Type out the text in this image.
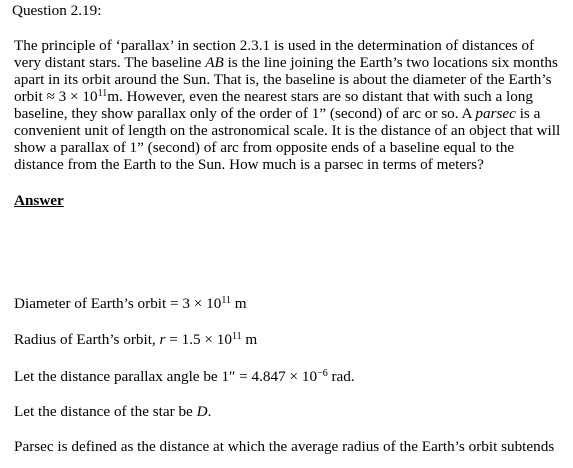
Question 2.19:
The principle of ‘parallax’ in section 2.3.1 is used in the determination of distances of
very distant stars. The baseline AB is the line joining the Earth’s two locations six months
apart in its orbit around the Sun. That is, the baseline is about the diameter of the Earth’s
orbit ≈ $3 \times 10^{11}m$. However, even the nearest stars are so distant that with such a long
baseline, they show parallax only of the order of 1” (second) of arc or so. A parsec is a
convenient unit of length on the astronomical scale. It is the distance of an object that will
show a parallax of 1” (second) of arc from opposite ends of a baseline equal to the
distance from the Earth to the Sun. How much is a parsec in terms of meters?
Answer
Diameter of Earth’s orbit = $3 \times 10^{11}$ m
Radius of Earth’s orbit, $r = 1.5 \times 10^{11}$ m
Let the distance parallax angle be $1'' = 4.847 \times 10^{-6}$ rad.
Let the distance of the star be D.
Parsec is defined as the distance at which the average radius of the Earth’s orbit subtends
